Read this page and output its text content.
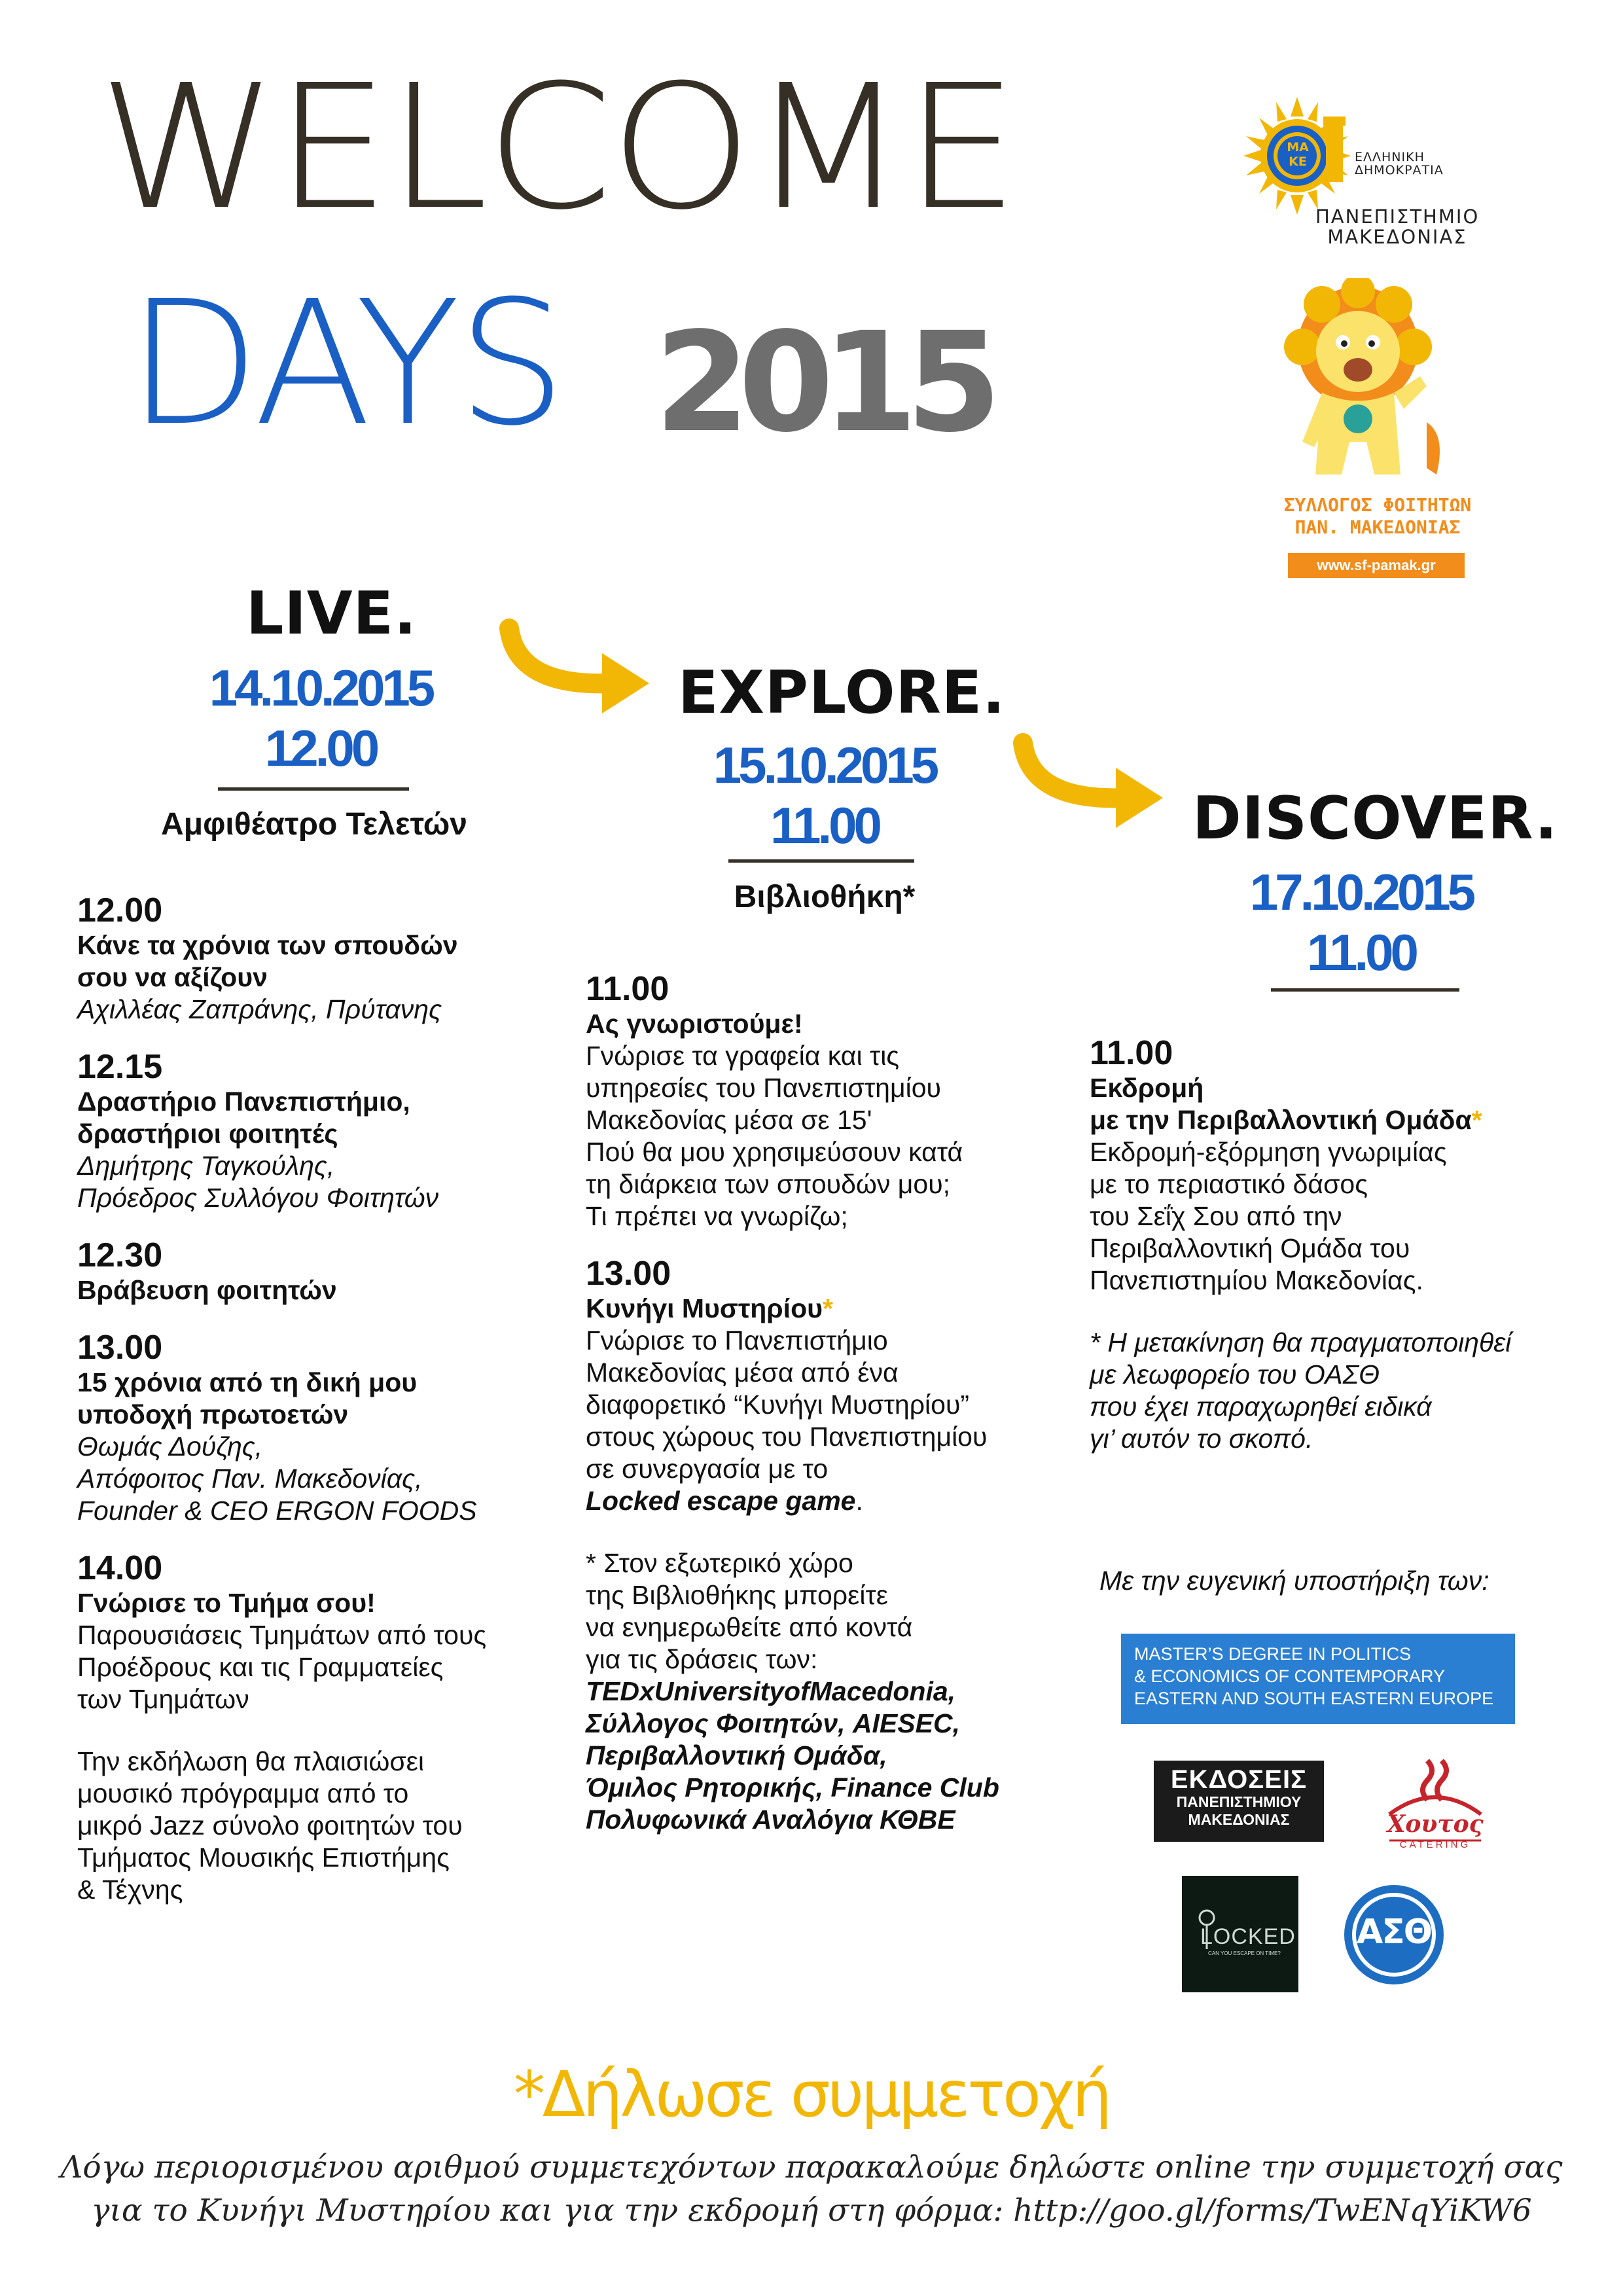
WELCOME
DAYS 2015
MA KE	ΕΛΛΗΝΙΚΗ
ΔΗΜΟΚΡΑΤΙΑ
ΠΑΝΕΠΙΣΤΗΜΙΟ
ΜΑΚΕΔΟΝΙΑΣ
ΣΥΛΛΟΓΟΣ ΦΟΙΤΗΤΩΝ
ΠΑΝ. ΜΑΚΕΔΟΝΙΑΣ
www.sf-pamak.gr
LIVE.
14.10.2015
12.00
Αμφιθέατρο Τελετών
EXPLORE.
15.10.2015
11.00
Βιβλιοθήκη*
DISCOVER.
17.10.2015
11.00
12.00
Κάνε τα χρόνια των σπουδών
σου να αξίζουν
Αχιλλέας Ζαπράνης, Πρύτανης
12.15
Δραστήριο Πανεπιστήμιο,
δραστήριοι φοιτητές
Δημήτρης Ταγκούλης,
Πρόεδρος Συλλόγου Φοιτητών
12.30
Βράβευση φοιτητών
13.00
15 χρόνια από τη δική μου
υποδοχή πρωτοετών
Θωμάς Δούζης,
Απόφοιτος Παν. Μακεδονίας,
Founder & CEO ERGON FOODS
14.00
Γνώρισε το Τμήμα σου!
Παρουσιάσεις Τμημάτων από τους
Προέδρους και τις Γραμματείες
των Τμημάτων
Την εκδήλωση θα πλαισιώσει
μουσικό πρόγραμμα από το
μικρό Jazz σύνολο φοιτητών του
Τμήματος Μουσικής Επιστήμης
& Τέχνης
11.00
Ας γνωριστούμε!
Γνώρισε τα γραφεία και τις
υπηρεσίες του Πανεπιστημίου
Μακεδονίας μέσα σε 15'
Πού θα μου χρησιμεύσουν κατά
τη διάρκεια των σπουδών μου;
Τι πρέπει να γνωρίζω;
13.00
Κυνήγι Μυστηρίου*
Γνώρισε το Πανεπιστήμιο
Μακεδονίας μέσα από ένα
διαφορετικό “Κυνήγι Μυστηρίου”
στους χώρους του Πανεπιστημίου
σε συνεργασία με το
Locked escape game.
* Στον εξωτερικό χώρο
της Βιβλιοθήκης μπορείτε
να ενημερωθείτε από κοντά
για τις δράσεις των:
TEDxUniversityofMacedonia,
Σύλλογος Φοιτητών, AIESEC,
Περιβαλλοντική Ομάδα,
Όμιλος Ρητορικής, Finance Club
Πολυφωνικά Αναλόγια ΚΘΒΕ
11.00
Εκδρομή
με την Περιβαλλοντική Ομάδα*
Εκδρομή-εξόρμηση γνωριμίας
με το περιαστικό δάσος
του Σεΐχ Σου από την
Περιβαλλοντική Ομάδα του
Πανεπιστημίου Μακεδονίας.
* Η μετακίνηση θα πραγματοποιηθεί
με λεωφορείο του ΟΑΣΘ
που έχει παραχωρηθεί ειδικά
γι’ αυτόν το σκοπό.
Με την ευγενική υποστήριξη των:
MASTER’S DEGREE IN POLITICS
& ECONOMICS OF CONTEMPORARY
EASTERN AND SOUTH EASTERN EUROPE
ΕΚΔΟΣΕΙΣ
ΠΑΝΕΠΙΣΤΗΜΙΟΥ
ΜΑΚΕΔΟΝΙΑΣ	Χουτος
CATERING
LOCKED
CAN YOU ESCAPE ON TIME?
ΑΣΘ
*Δήλωσε συμμετοχή
Λόγω περιορισμένου αριθμού συμμετεχόντων παρακαλούμε δηλώστε online την συμμετοχή σας
για το Κυνήγι Μυστηρίου και για την εκδρομή στη φόρμα: http://goo.gl/forms/TwENqYiKW6
